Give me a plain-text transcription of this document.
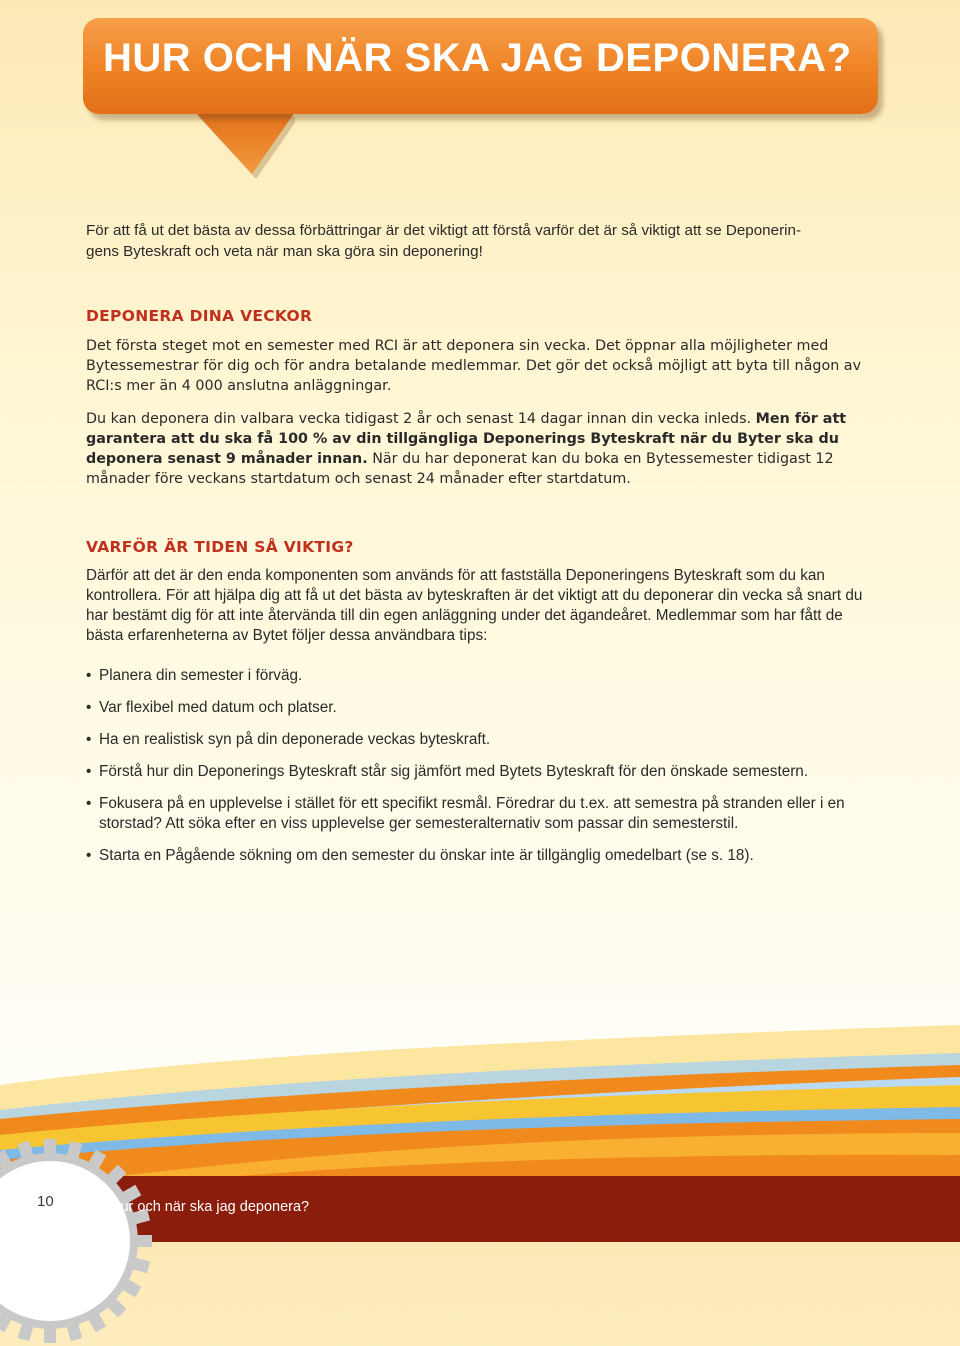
HUR OCH NÄR SKA JAG DEPONERA?

För att få ut det bästa av dessa förbättringar är det viktigt att förstå varför det är så viktigt att se Deponerin-
gens Byteskraft och veta när man ska göra sin deponering!

DEPONERA DINA VECKOR

Det första steget mot en semester med RCI är att deponera sin vecka. Det öppnar alla möjligheter med Bytessemestrar för dig och för andra betalande medlemmar. Det gör det också möjligt att byta till någon av RCI:s mer än 4 000 anslutna anläggningar.

Du kan deponera din valbara vecka tidigast 2 år och senast 14 dagar innan din vecka inleds. Men för att garantera att du ska få 100 % av din tillgängliga Deponerings Byteskraft när du Byter ska du deponera senast 9 månader innan. När du har deponerat kan du boka en Bytessemester tidigast 12 månader före veckans startdatum och senast 24 månader efter startdatum.

VARFÖR ÄR TIDEN SÅ VIKTIG?

Därför att det är den enda komponenten som används för att fastställa Deponeringens Byteskraft som du kan kontrollera. För att hjälpa dig att få ut det bästa av byteskraften är det viktigt att du deponerar din vecka så snart du har bestämt dig för att inte återvända till din egen anläggning under det ägandeåret. Medlemmar som har fått de bästa erfarenheterna av Bytet följer dessa användbara tips:

• Planera din semester i förväg.
• Var flexibel med datum och platser.
• Ha en realistisk syn på din deponerade veckas byteskraft.
• Förstå hur din Deponerings Byteskraft står sig jämfört med Bytets Byteskraft för den önskade semestern.
• Fokusera på en upplevelse i stället för ett specifikt resmål. Föredrar du t.ex. att semestra på stranden eller i en storstad? Att söka efter en viss upplevelse ger semesteralternativ som passar din semesterstil.
• Starta en Pågående sökning om den semester du önskar inte är tillgänglig omedelbart (se s. 18).

10	Hur och när ska jag deponera?
